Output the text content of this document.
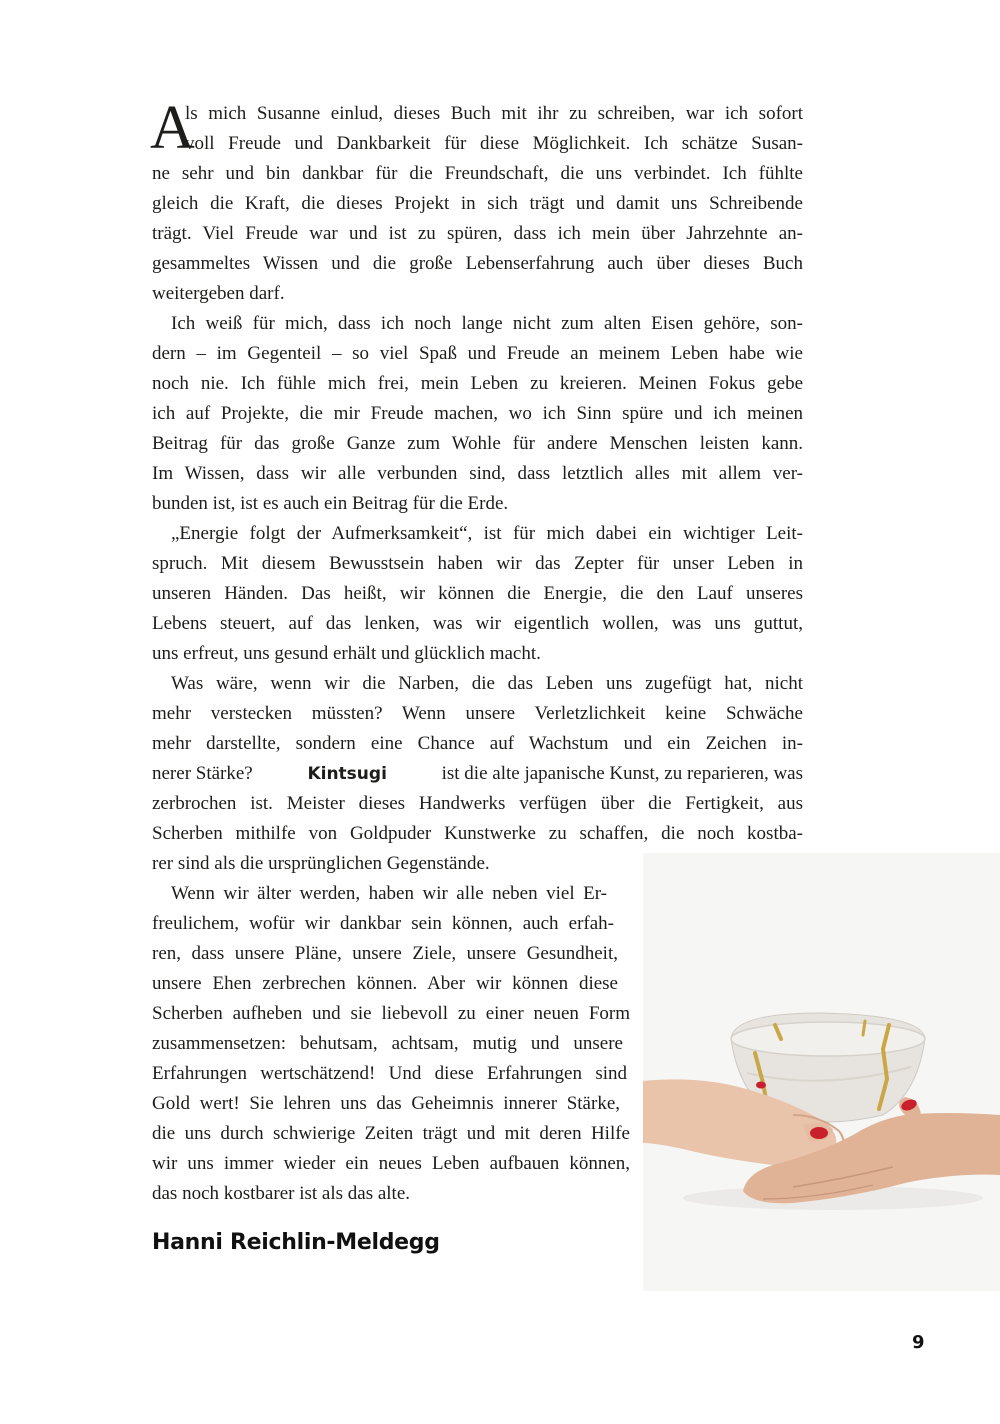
A
ls mich Susanne einlud, dieses Buch mit ihr zu schreiben, war ich sofort
voll Freude und Dankbarkeit für diese Möglichkeit. Ich schätze Susan-
ne sehr und bin dankbar für die Freundschaft, die uns verbindet. Ich fühlte
gleich die Kraft, die dieses Projekt in sich trägt und damit uns Schreibende
trägt. Viel Freude war und ist zu spüren, dass ich mein über Jahrzehnte an-
gesammeltes Wissen und die große Lebenserfahrung auch über dieses Buch
weitergeben darf.
Ich weiß für mich, dass ich noch lange nicht zum alten Eisen gehöre, son-
dern – im Gegenteil – so viel Spaß und Freude an meinem Leben habe wie
noch nie. Ich fühle mich frei, mein Leben zu kreieren. Meinen Fokus gebe
ich auf Projekte, die mir Freude machen, wo ich Sinn spüre und ich meinen
Beitrag für das große Ganze zum Wohle für andere Menschen leisten kann.
Im Wissen, dass wir alle verbunden sind, dass letztlich alles mit allem ver-
bunden ist, ist es auch ein Beitrag für die Erde.
„Energie folgt der Aufmerksamkeit“, ist für mich dabei ein wichtiger Leit-
spruch. Mit diesem Bewusstsein haben wir das Zepter für unser Leben in
unseren Händen. Das heißt, wir können die Energie, die den Lauf unseres
Lebens steuert, auf das lenken, was wir eigentlich wollen, was uns guttut,
uns erfreut, uns gesund erhält und glücklich macht.
Was wäre, wenn wir die Narben, die das Leben uns zugefügt hat, nicht
mehr verstecken müssten? Wenn unsere Verletzlichkeit keine Schwäche
mehr darstellte, sondern eine Chance auf Wachstum und ein Zeichen in-
nerer Stärke?	Kintsugi	ist die alte japanische Kunst, zu reparieren, was
zerbrochen ist. Meister dieses Handwerks verfügen über die Fertigkeit, aus
Scherben mithilfe von Goldpuder Kunstwerke zu schaffen, die noch kostba-
rer sind als die ursprünglichen Gegenstände.
Wenn wir älter werden, haben wir alle neben viel Er-
freulichem, wofür wir dankbar sein können, auch erfah-
ren, dass unsere Pläne, unsere Ziele, unsere Gesundheit,
unsere Ehen zerbrechen können. Aber wir können diese
Scherben aufheben und sie liebevoll zu einer neuen Form
zusammensetzen: behutsam, achtsam, mutig und unsere
Erfahrungen wertschätzend! Und diese Erfahrungen sind
Gold wert! Sie lehren uns das Geheimnis innerer Stärke,
die uns durch schwierige Zeiten trägt und mit deren Hilfe
wir uns immer wieder ein neues Leben aufbauen können,
das noch kostbarer ist als das alte.
Hanni Reichlin-Meldegg
9
